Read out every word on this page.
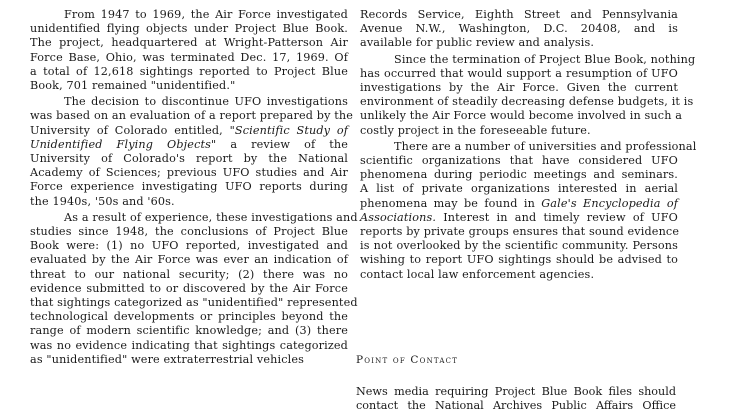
From 1947 to 1969, the Air Force investigated
unidentified flying objects under Project Blue Book.
The project, headquartered at Wright-Patterson Air
Force Base, Ohio, was terminated Dec. 17, 1969. Of
a total of 12,618 sightings reported to Project Blue
Book, 701 remained "unidentified."
The decision to discontinue UFO investigations
was based on an evaluation of a report prepared by the
University of Colorado entitled, "Scientific Study of
Unidentified Flying Objects" a review of the
University of Colorado's report by the National
Academy of Sciences; previous UFO studies and Air
Force experience investigating UFO reports during
the 1940s, '50s and '60s.
As a result of experience, these investigations and
studies since 1948, the conclusions of Project Blue
Book were: (1) no UFO reported, investigated and
evaluated by the Air Force was ever an indication of
threat to our national security; (2) there was no
evidence submitted to or discovered by the Air Force
that sightings categorized as "unidentified" represented
technological developments or principles beyond the
range of modern scientific knowledge; and (3) there
was no evidence indicating that sightings categorized
as "unidentified" were extraterrestrial vehicles
Records Service, Eighth Street and Pennsylvania
Avenue N.W., Washington, D.C. 20408, and is
available for public review and analysis.
Since the termination of Project Blue Book, nothing
has occurred that would support a resumption of UFO
investigations by the Air Force. Given the current
environment of steadily decreasing defense budgets, it is
unlikely the Air Force would become involved in such a
costly project in the foreseeable future.
There are a number of universities and professional
scientific organizations that have considered UFO
phenomena during periodic meetings and seminars.
A list of private organizations interested in aerial
phenomena may be found in Gale's Encyclopedia of
Associations. Interest in and timely review of UFO
reports by private groups ensures that sound evidence
is not overlooked by the scientific community. Persons
wishing to report UFO sightings should be advised to
contact local law enforcement agencies.
Point of Contact
News media requiring Project Blue Book files should
contact the National Archives Public Affairs Office
